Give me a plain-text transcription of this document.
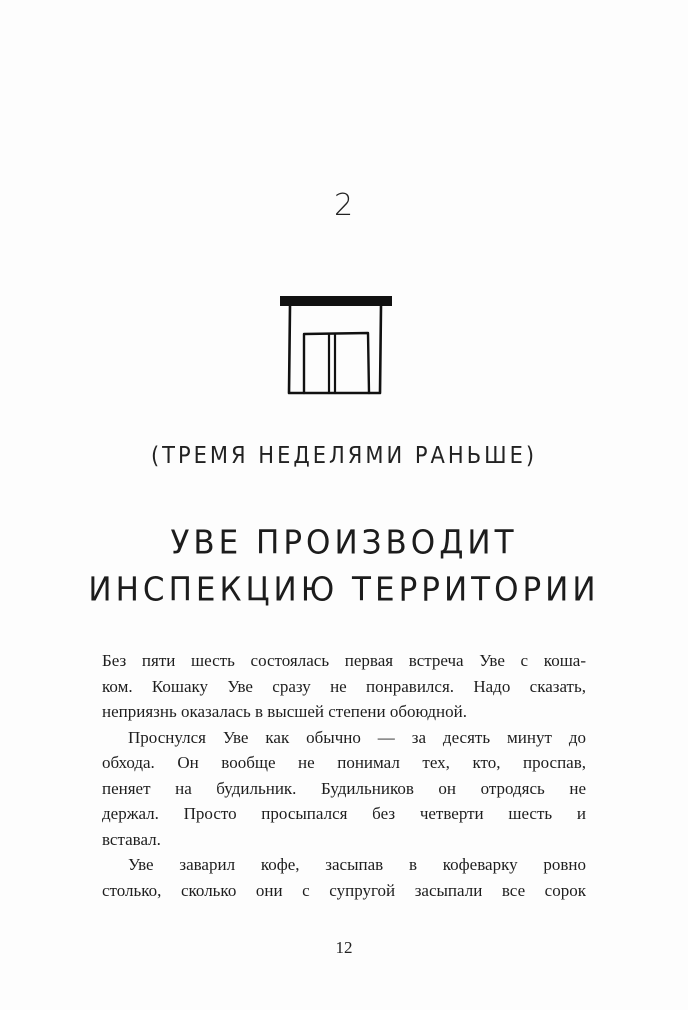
2
(ТРЕМЯ НЕДЕЛЯМИ РАНЬШЕ)
УВЕ ПРОИЗВОДИТ
ИНСПЕКЦИЮ ТЕРРИТОРИИ
Без пяти шесть состоялась первая встреча Уве с коша-
ком. Кошаку Уве сразу не понравился. Надо сказать,
неприязнь оказалась в высшей степени обоюдной.
Проснулся Уве как обычно — за десять минут до
обхода. Он вообще не понимал тех, кто, проспав,
пеняет на будильник. Будильников он отродясь не
держал. Просто просыпался без четверти шесть и
вставал.
Уве заварил кофе, засыпав в кофеварку ровно
столько, сколько они с супругой засыпали все сорок
12
